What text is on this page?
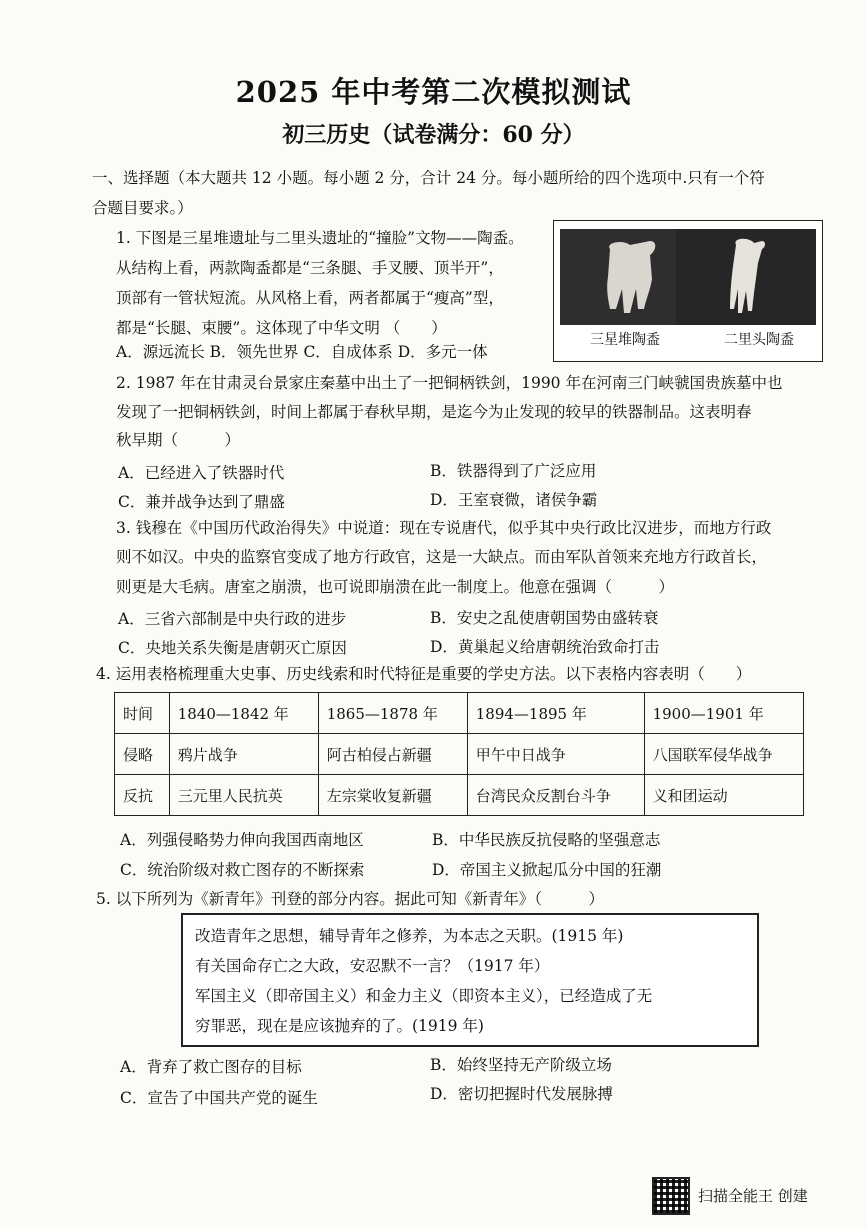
2025 年中考第二次模拟测试
初三历史（试卷满分：60 分）
一、选择题（本大题共 12 小题。每小题 2 分，合计 24 分。每小题所给的四个选项中.只有一个符
合题目要求。）
1. 下图是三星堆遗址与二里头遗址的“撞脸”文物——陶盉。
从结构上看，两款陶盉都是“三条腿、手叉腰、顶半开”，
顶部有一管状短流。从风格上看，两者都属于“瘦高”型，
都是“长腿、束腰”。这体现了中华文明 （　　）
A．源远流长 B．领先世界 C．自成体系 D．多元一体
三星堆陶盉	二里头陶盉
2. 1987 年在甘肃灵台景家庄秦墓中出土了一把铜柄铁剑，1990 年在河南三门峡虢国贵族墓中也
发现了一把铜柄铁剑，时间上都属于春秋早期，是迄今为止发现的较早的铁器制品。这表明春
秋早期（　　　）
A．已经进入了铁器时代	B．铁器得到了广泛应用
C．兼并战争达到了鼎盛	D．王室衰微，诸侯争霸
3. 钱穆在《中国历代政治得失》中说道：现在专说唐代，似乎其中央行政比汉进步，而地方行政
则不如汉。中央的监察官变成了地方行政官，这是一大缺点。而由军队首领来充地方行政首长，
则更是大毛病。唐室之崩溃，也可说即崩溃在此一制度上。他意在强调（　　　）
A．三省六部制是中央行政的进步	B．安史之乱使唐朝国势由盛转衰
C．央地关系失衡是唐朝灭亡原因	D．黄巢起义给唐朝统治致命打击
4. 运用表格梳理重大史事、历史线索和时代特征是重要的学史方法。以下表格内容表明（　　）
时间	1840—1842 年	1865—1878 年	1894—1895 年	1900—1901 年
侵略	鸦片战争	阿古柏侵占新疆	甲午中日战争	八国联军侵华战争
反抗	三元里人民抗英	左宗棠收复新疆	台湾民众反割台斗争	义和团运动
A．列强侵略势力伸向我国西南地区	B．中华民族反抗侵略的坚强意志
C．统治阶级对救亡图存的不断探索	D．帝国主义掀起瓜分中国的狂潮
5. 以下所列为《新青年》刊登的部分内容。据此可知《新青年》（　　　）
改造青年之思想，辅导青年之修养，为本志之天职。(1915 年)
有关国命存亡之大政，安忍默不一言？（1917 年）
军国主义（即帝国主义）和金力主义（即资本主义），已经造成了无
穷罪恶，现在是应该抛弃的了。(1919 年)
A．背弃了救亡图存的目标	B．始终坚持无产阶级立场
C．宣告了中国共产党的诞生	D．密切把握时代发展脉搏
扫描全能王 创建
